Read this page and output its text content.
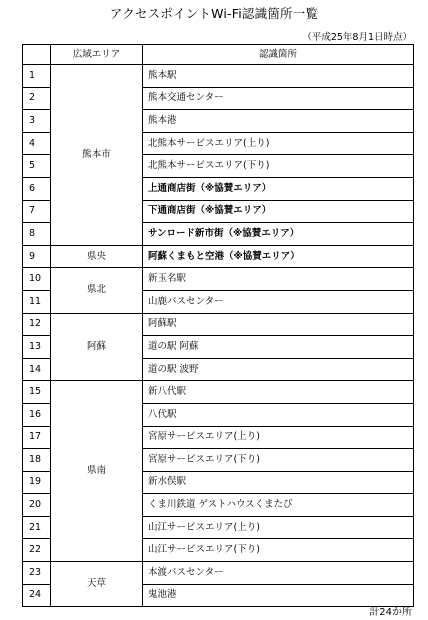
アクセスポイントWi-Fi認識箇所一覧
（平成25年8月1日時点）
	広域エリア	認識箇所
1	熊本市	熊本駅
2		熊本交通センター
3		熊本港
4		北熊本サービスエリア(上り)
5		北熊本サービスエリア(下り)
6		上通商店街（※協賛エリア）
7		下通商店街（※協賛エリア）
8		サンロード新市街（※協賛エリア）
9	県央	阿蘇くまもと空港（※協賛エリア）
10	県北	新玉名駅
11		山鹿バスセンター
12	阿蘇	阿蘇駅
13		道の駅 阿蘇
14		道の駅 波野
15	県南	新八代駅
16		八代駅
17		宮原サービスエリア(上り)
18		宮原サービスエリア(下り)
19		新水俣駅
20		くま川鉄道 ゲストハウスくまたび
21		山江サービスエリア(上り)
22		山江サービスエリア(下り)
23	天草	本渡バスセンター
24		鬼池港
計24か所
